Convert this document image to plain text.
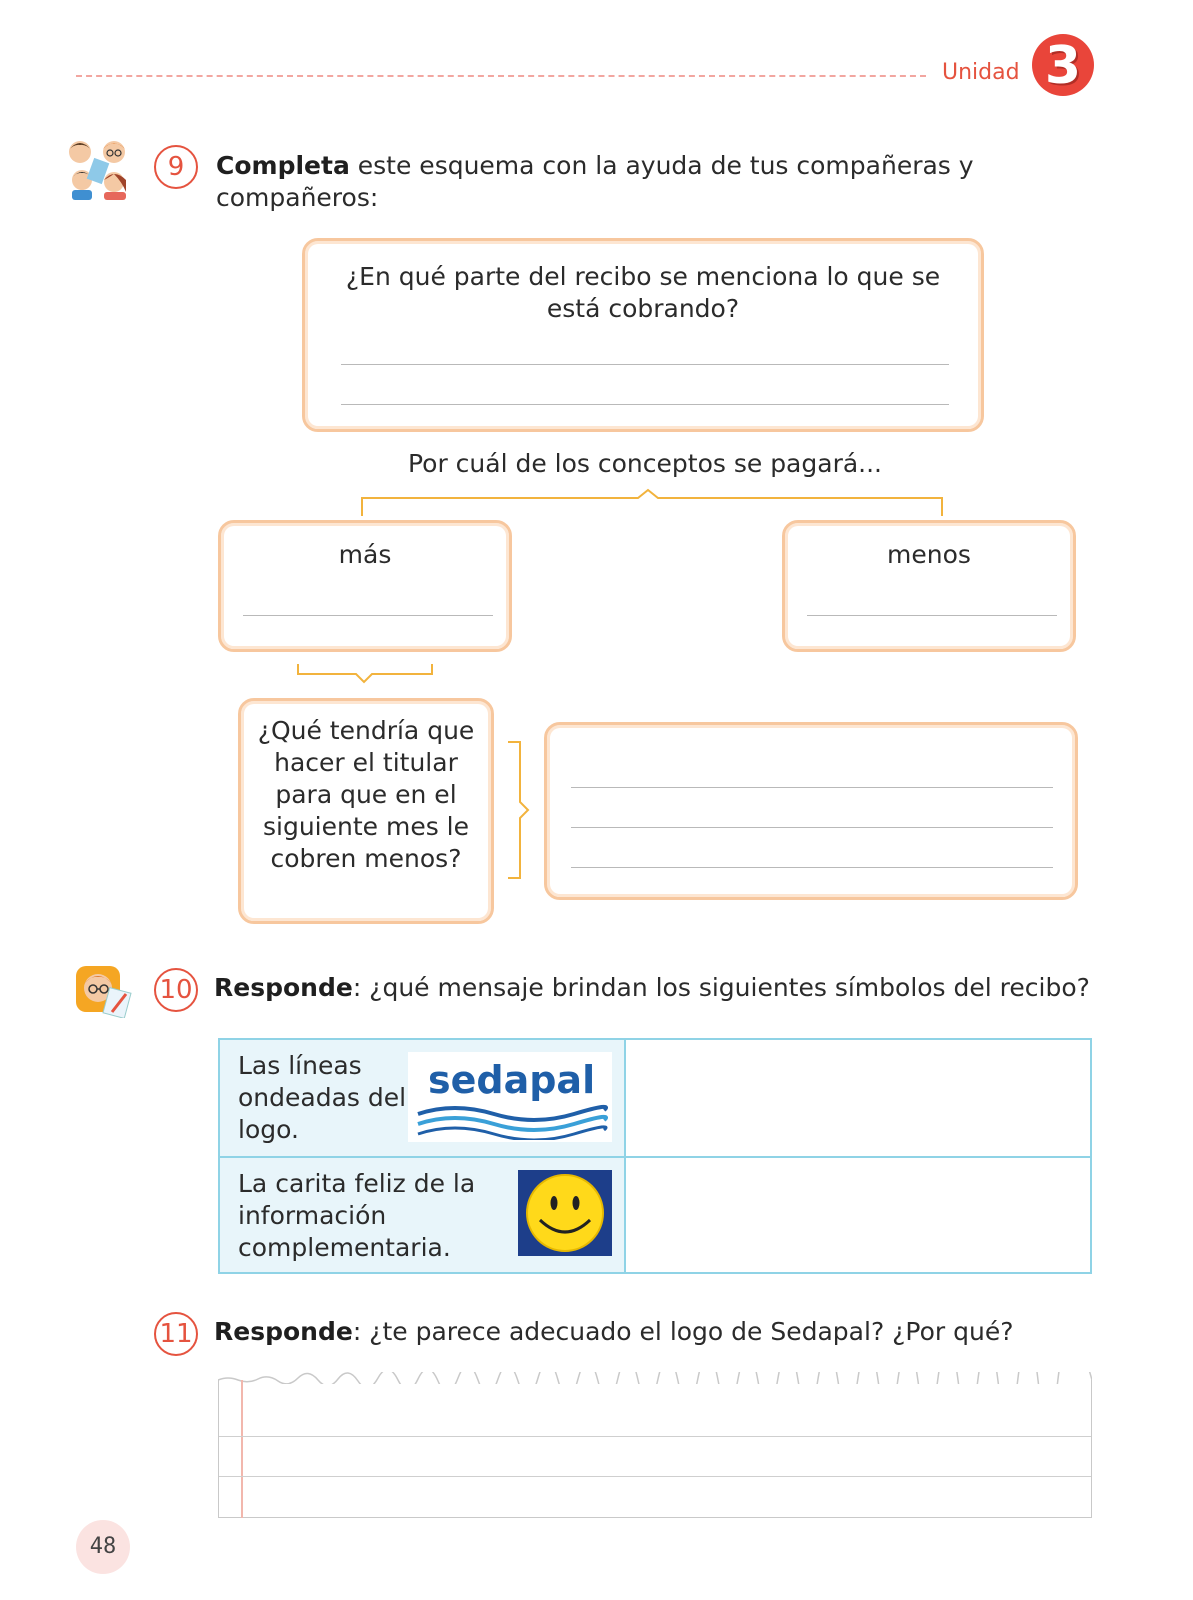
Unidad 3
9	Completa este esquema con la ayuda de tus compañeras y compañeros:
¿En qué parte del recibo se menciona lo que se está cobrando?
Por cuál de los conceptos se pagará...
más	menos
¿Qué tendría que hacer el titular para que en el siguiente mes le cobren menos?
10 Responde: ¿qué mensaje brindan los siguientes símbolos del recibo?
Las líneas ondeadas del logo.
sedapal
La carita feliz de la información complementaria.
11 Responde: ¿te parece adecuado el logo de Sedapal? ¿Por qué?
48
